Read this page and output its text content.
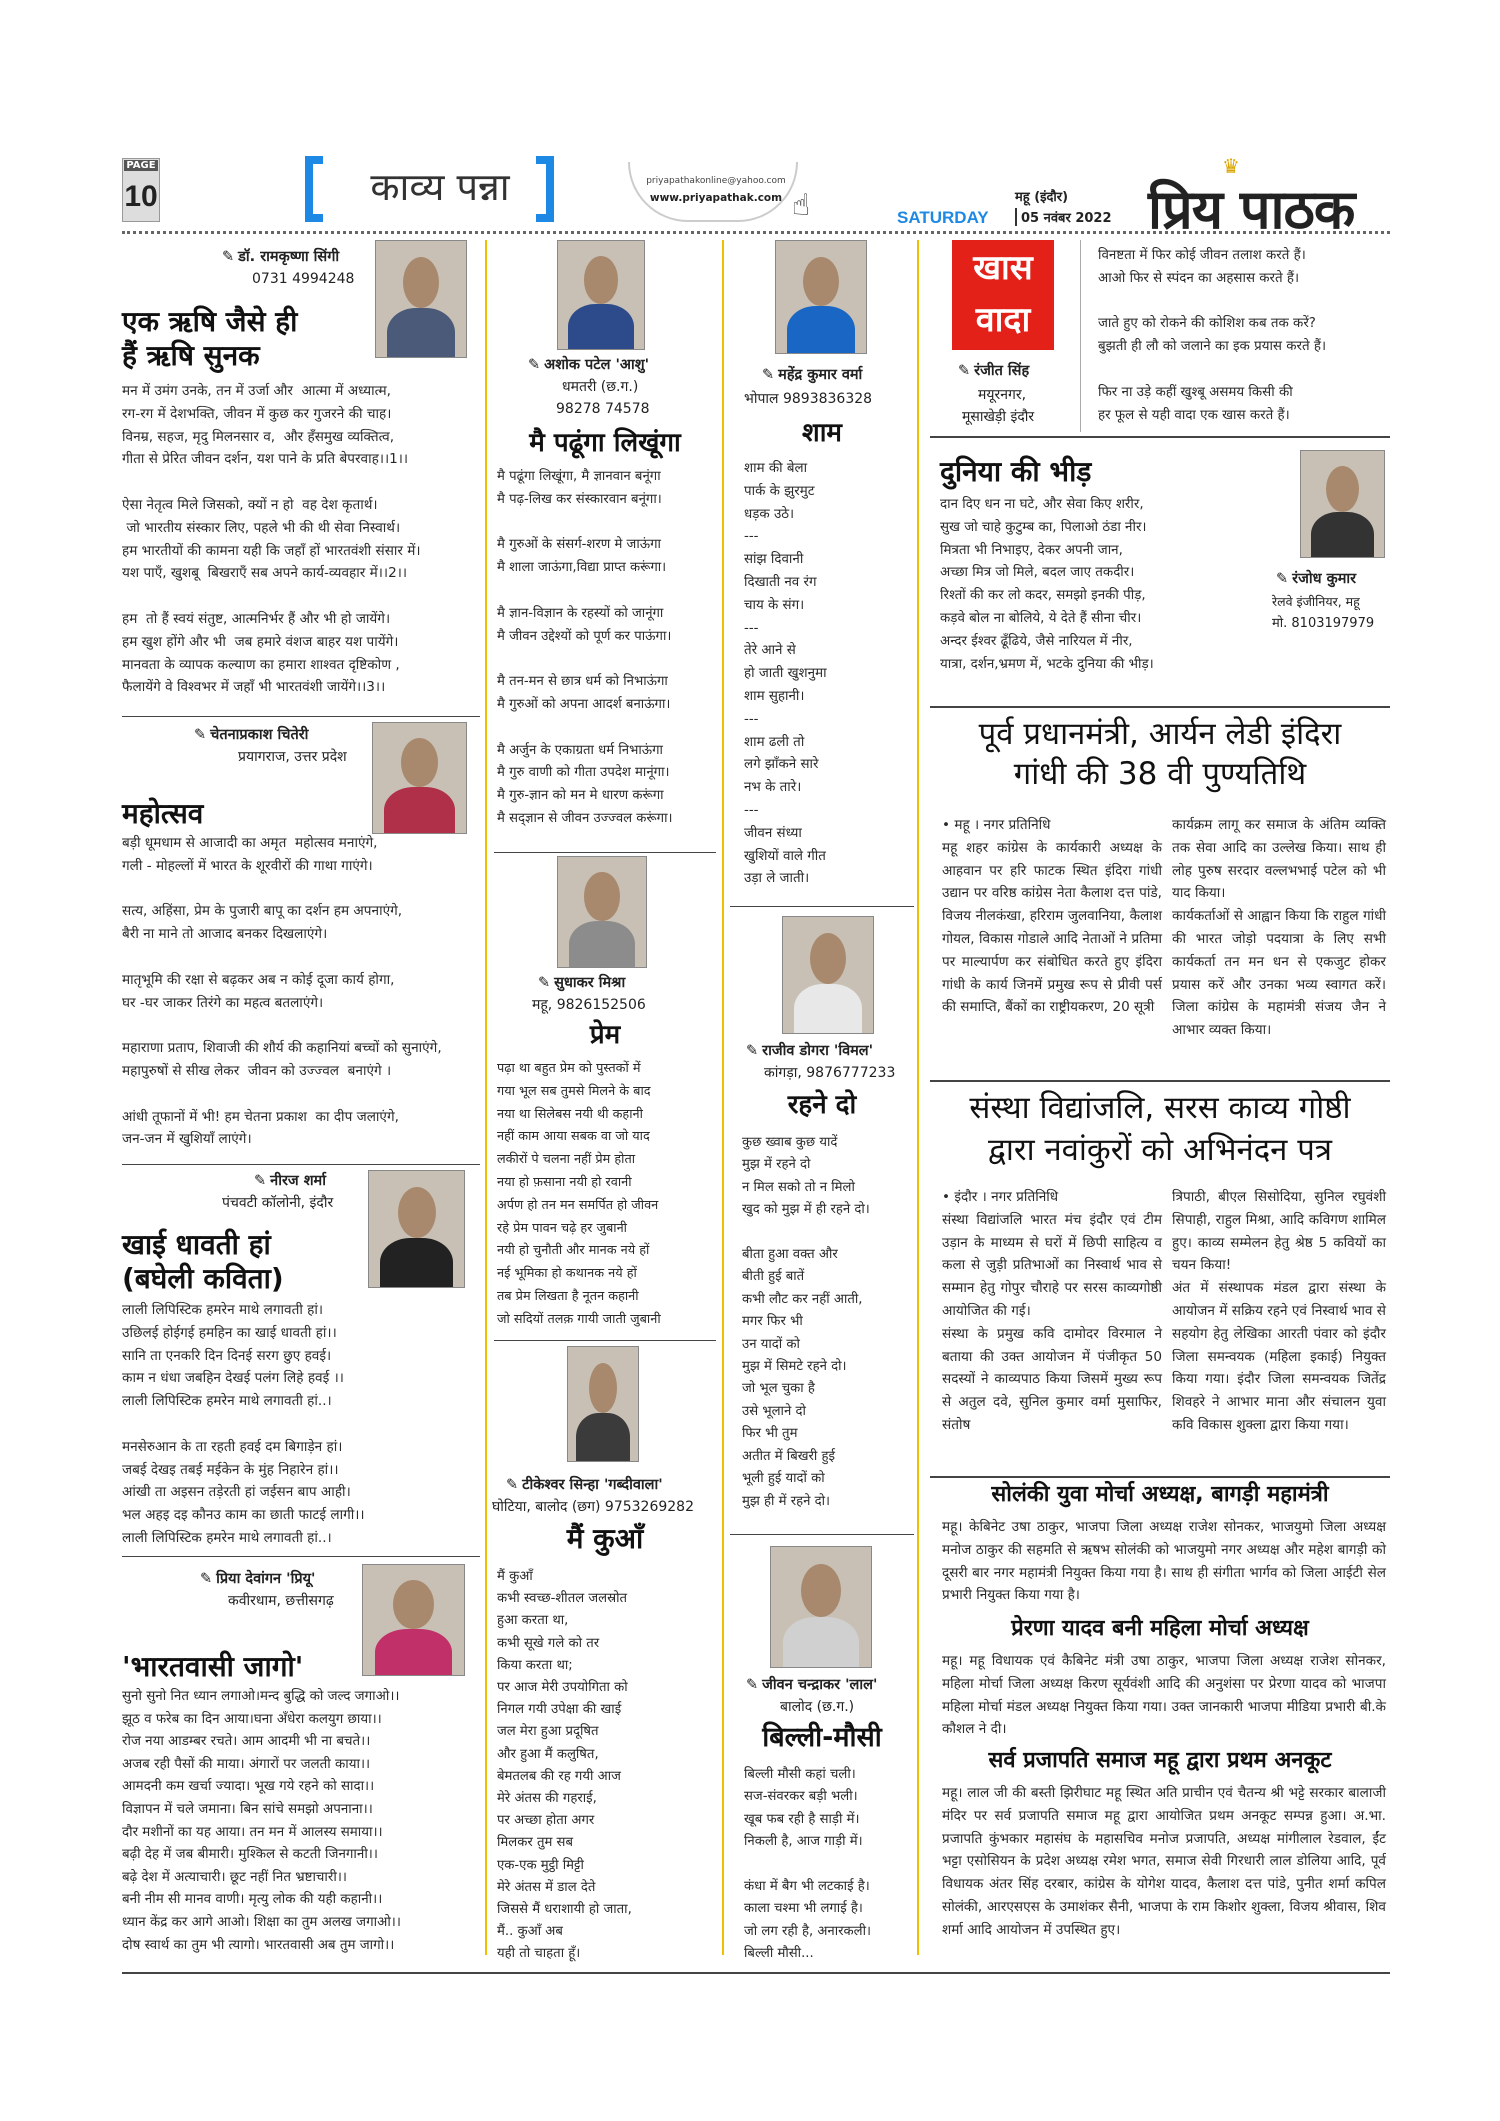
PAGE
10	काव्य पन्ना	priyapathakonline@yahoo.com
www.priyapathak.com ☝	SATURDAY
महू (इंदौर)
05 नवंबर 2022 प्रिय पाठक
♛
✎ डॉ. रामकृष्णा सिंगी
0731 4994248
एक ऋषि जैसे ही
हैं ऋषि सुनक
मन में उमंग उनके, तन में उर्जा और  आत्मा में अध्यात्म,
रग-रग में देशभक्ति, जीवन में कुछ कर गुजरने की चाह।
विनम्र, सहज, मृदु मिलनसार व,  और हँसमुख व्यक्तित्व,
गीता से प्रेरित जीवन दर्शन, यश पाने के प्रति बेपरवाह।।1।।

ऐसा नेतृत्व मिले जिसको, क्यों न हो  वह देश कृतार्थ।
जो भारतीय संस्कार लिए, पहले भी की थी सेवा निस्वार्थ।
हम भारतीयों की कामना यही कि जहाँ हों भारतवंशी संसार में।
यश पाएँ, खुशबू  बिखराएँ सब अपने कार्य-व्यवहार में।।2।।

हम  तो हैं स्वयं संतुष्ट, आत्मनिर्भर हैं और भी हो जायेंगे।
हम खुश होंगे और भी  जब हमारे वंशज बाहर यश पायेंगे।
मानवता के व्यापक कल्याण का हमारा शाश्वत दृष्टिकोण ,
फैलायेंगे वे विश्वभर में जहाँ भी भारतवंशी जायेंगे।।3।।
✎ चेतनाप्रकाश चितेरी
प्रयागराज, उत्तर प्रदेश
महोत्सव
बड़ी धूमधाम से आजादी का अमृत  महोत्सव मनाएंगे,
गली - मोहल्लों में भारत के शूरवीरों की गाथा गाएंगे।

सत्य, अहिंसा, प्रेम के पुजारी बापू का दर्शन हम अपनाएंगे,
बैरी ना माने तो आजाद बनकर दिखलाएंगे।

मातृभूमि की रक्षा से बढ़कर अब न कोई दूजा कार्य होगा,
घर -घर जाकर तिरंगे का महत्व बतलाएंगे।

महाराणा प्रताप, शिवाजी की शौर्य की कहानियां बच्चों को सुनाएंगे,
महापुरुषों से सीख लेकर  जीवन को उज्ज्वल  बनाएंगे ।

आंधी तूफानों में भी! हम चेतना प्रकाश  का दीप जलाएंगे,
जन-जन में खुशियाँ लाएंगे।
✎ नीरज शर्मा
पंचवटी कॉलोनी, इंदौर
खाई धावती हां
(बघेली कविता)
लाली लिपिस्टिक हमरेन माथे लगावती हां।
उछिलई होईगई हमहिन का खाई धावती हां।।
सानि ता एनकरि दिन दिनई सरग छुए हवई।
काम न धंधा जबहिन देखई पलंग लिहे हवई ।।
लाली लिपिस्टिक हमरेन माथे लगावती हां..।

मनसेरुआन के ता रहती हवई दम बिगाड़ेन हां।
जबई देखइ तबई मईकेन के मुंह निहारेन हां।।
आंखी ता अइसन तड़ेरती हां जईसन बाप आही।
भल अहइ दइ कौनउ काम का छाती फाटई लागी।।
लाली लिपिस्टिक हमरेन माथे लगावती हां..।
✎ प्रिया देवांगन 'प्रियू'
कवीरधाम, छत्तीसगढ़
'भारतवासी जागो'
सुनो सुनो नित ध्यान लगाओ।मन्द बुद्धि को जल्द जगाओ।।
झूठ व फरेब का दिन आया।घना अँधेरा कलयुग छाया।।
रोज नया आडम्बर रचते। आम आदमी भी ना बचते।।
अजब रही पैसों की माया। अंगारों पर जलती काया।।
आमदनी कम खर्चा ज्यादा। भूख गये रहने को सादा।।
विज्ञापन में चले जमाना। बिन सांचे समझो अपनाना।।
दौर मशीनों का यह आया। तन मन में आलस्य समाया।।
बढ़ी देह में जब बीमारी। मुश्किल से कटती जिनगानी।।
बढ़े देश में अत्याचारी। छूट नहीं नित भ्रष्टाचारी।।
बनी नीम सी मानव वाणी। मृत्यु लोक की यही कहानी।।
ध्यान केंद्र कर आगे आओ। शिक्षा का तुम अलख जगाओ।।
दोष स्वार्थ का तुम भी त्यागो। भारतवासी अब तुम जागो।।
✎ अशोक पटेल 'आशु'
धमतरी (छ.ग.)
98278 74578
मै पढूंगा लिखूंगा
मै पढूंगा लिखूंगा, मै ज्ञानवान बनूंगा
मै पढ़-लिख कर संस्कारवान बनूंगा।

मै गुरुओं के संसर्ग-शरण मे जाऊंगा
मै शाला जाऊंगा,विद्या प्राप्त करूंगा।

मै ज्ञान-विज्ञान के रहस्यों को जानूंगा
मै जीवन उद्देश्यों को पूर्ण कर पाऊंगा।

मै तन-मन से छात्र धर्म को निभाऊंगा
मै गुरुओं को अपना आदर्श बनाऊंगा।

मै अर्जुन के एकाग्रता धर्म निभाऊंगा
मै गुरु वाणी को गीता उपदेश मानूंगा।
मै गुरु-ज्ञान को मन मे धारण करूंगा
मै सद्ज्ञान से जीवन उज्ज्वल करूंगा।
✎ सुधाकर मिश्रा
महू, 9826152506
प्रेम
पढ़ा था बहुत प्रेम को पुस्तकों में
गया भूल सब तुमसे मिलने के बाद
नया था सिलेबस नयी थी कहानी
नहीं काम आया सबक वा जो याद
लकीरों पे चलना नहीं प्रेम होता
नया हो फ़साना नयी हो रवानी
अर्पण हो तन मन समर्पित हो जीवन
रहे प्रेम पावन चढ़े हर जुबानी
नयी हो चुनौती और मानक नये हों
नई भूमिका हो कथानक नये हों
तब प्रेम लिखता है नूतन कहानी
जो सदियों तलक़ गायी जाती जुबानी
✎ टीकेश्वर सिन्हा 'गब्दीवाला'
घोटिया, बालोद (छग) 9753269282
मैं कुआँ
मैं कुआँ
कभी स्वच्छ-शीतल जलस्रोत
हुआ करता था,
कभी सूखे गले को तर
किया करता था;
पर आज मेरी उपयोगिता को
निगल गयी उपेक्षा की खाई
जल मेरा हुआ प्रदूषित
और हुआ मैं कलुषित,
बेमतलब की रह गयी आज
मेरे अंतस की गहराई,
पर अच्छा होता अगर
मिलकर तुम सब
एक-एक मुट्ठी मिट्टी
मेरे अंतस में डाल देते
जिससे मैं धराशायी हो जाता,
मैं.. कुआँ अब
यही तो चाहता हूँ।
✎ महेंद्र कुमार वर्मा
भोपाल 9893836328
शाम
शाम की बेला
पार्क के झुरमुट
धड़क उठे।
---
सांझ दिवानी
दिखाती नव रंग
चाय के संग।
---
तेरे आने से
हो जाती खुशनुमा
शाम सुहानी।
---
शाम ढली तो
लगे झाँकने सारे
नभ के तारे।
---
जीवन संध्या
खुशियों वाले गीत
उड़ा ले जाती।
✎ राजीव डोगरा 'विमल'
कांगड़ा, 9876777233
रहने दो
कुछ ख्वाब कुछ यादें
मुझ में रहने दो
न मिल सको तो न मिलो
खुद को मुझ में ही रहने दो।

बीता हुआ वक्त और
बीती हुई बातें
कभी लौट कर नहीं आती,
मगर फिर भी
उन यादों को
मुझ में सिमटे रहने दो।
जो भूल चुका है
उसे भूलाने दो
फिर भी तुम
अतीत में बिखरी हुई
भूली हुई यादों को
मुझ ही में रहने दो।
✎ जीवन चन्द्राकर 'लाल'
बालोद (छ.ग.)
बिल्ली-मौसी
बिल्ली मौसी कहां चली।
सज-संवरकर बड़ी भली।
खूब फब रही है साड़ी में।
निकली है, आज गाड़ी में।

कंधा में बैग भी लटकाई है।
काला चश्मा भी लगाई है।
जो लग रही है, अनारकली।
बिल्ली मौसी...
खास
वादा
✎ रंजीत सिंह
मयूरनगर,
मूसाखेड़ी इंदौर
विनष्टता में फिर कोई जीवन तलाश करते हैं।
आओ फिर से स्पंदन का अहसास करते हैं।

जाते हुए को रोकने की कोशिश कब तक करें?
बुझती ही लौ को जलाने का इक प्रयास करते हैं।

फिर ना उड़े कहीं खुश्बू असमय किसी की
हर फूल से यही वादा एक खास करते हैं।
दुनिया की भीड़
✎ रंजोध कुमार
रेलवे इंजीनियर, महू
मो. 8103197979
दान दिए धन ना घटे, और सेवा किए शरीर,
सुख जो चाहे कुटुम्ब का, पिलाओ ठंडा नीर।
मित्रता भी निभाइए, देकर अपनी जान,
अच्छा मित्र जो मिले, बदल जाए तकदीर।
रिश्तों की कर लो कदर, समझो इनकी पीड़,
कड़वे बोल ना बोलिये, ये देते हैं सीना चीर।
अन्दर ईश्वर ढूँढिये, जैसे नारियल में नीर,
यात्रा, दर्शन,भ्रमण में, भटके दुनिया की भीड़।
पूर्व प्रधानमंत्री, आर्यन लेडी इंदिरा
गांधी की 38 वी पुण्यतिथि
• महू । नगर प्रतिनिधि
महू शहर कांग्रेस के कार्यकारी अध्यक्ष के आहवान पर हरि फाटक स्थित इंदिरा गांधी उद्यान पर वरिष्ठ कांग्रेस नेता कैलाश दत्त पांडे, विजय नीलकंखा, हरिराम जुलवानिया, कैलाश गोयल, विकास गोडाले आदि नेताओं ने प्रतिमा पर माल्यार्पण कर संबोधित करते हुए इंदिरा गांधी के कार्य जिनमें प्रमुख रूप से प्रीवी पर्स की समाप्ति, बैंकों का राष्ट्रीयकरण, 20 सूत्री
कार्यक्रम लागू कर समाज के अंतिम व्यक्ति तक सेवा आदि का उल्लेख किया। साथ ही लोह पुरुष सरदार वल्लभभाई पटेल को भी याद किया।
कार्यकर्ताओं से आह्वान किया कि राहुल गांधी की भारत जोड़ो पदयात्रा के लिए सभी कार्यकर्ता तन मन धन से एकजुट होकर प्रयास करें और उनका भव्य स्वागत करें। जिला कांग्रेस के महामंत्री संजय जैन ने आभार व्यक्त किया।
संस्था विद्यांजलि, सरस काव्य गोष्ठी
द्वारा नवांकुरों को अभिनंदन पत्र
• इंदौर । नगर प्रतिनिधि
संस्था विद्यांजलि भारत मंच इंदौर एवं टीम उड़ान के माध्यम से घरों में छिपी साहित्य व कला से जुड़ी प्रतिभाओं का निस्वार्थ भाव से सम्मान हेतु गोपुर चौराहे पर सरस काव्यगोष्ठी आयोजित की गई।
संस्था के प्रमुख कवि दामोदर विरमाल ने बताया की उक्त आयोजन में पंजीकृत 50 सदस्यों ने काव्यपाठ किया जिसमें मुख्य रूप से अतुल दवे, सुनिल कुमार वर्मा मुसाफिर, संतोष
त्रिपाठी, बीएल सिसोदिया, सुनिल रघुवंशी सिपाही, राहुल मिश्रा, आदि कविगण शामिल हुए। काव्य सम्मेलन हेतु श्रेष्ठ 5 कवियों का चयन किया!
अंत में संस्थापक मंडल द्वारा संस्था के आयोजन में सक्रिय रहने एवं निस्वार्थ भाव से सहयोग हेतु लेखिका आरती पंवार को इंदौर जिला समन्वयक (महिला इकाई) नियुक्त किया गया। इंदौर जिला समन्वयक जितेंद्र शिवहरे ने आभार माना और संचालन युवा कवि विकास शुक्ला द्वारा किया गया।
सोलंकी युवा मोर्चा अध्यक्ष, बागड़ी महामंत्री
महू। केबिनेट उषा ठाकुर, भाजपा जिला अध्यक्ष राजेश सोनकर, भाजयुमो जिला अध्यक्ष मनोज ठाकुर की सहमति से ऋषभ सोलंकी को भाजयुमो नगर अध्यक्ष और महेश बागड़ी को दूसरी बार नगर महामंत्री नियुक्त किया गया है। साथ ही संगीता भार्गव को जिला आईटी सेल प्रभारी नियुक्त किया गया है।
प्रेरणा यादव बनी महिला मोर्चा अध्यक्ष
महू। महू विधायक एवं कैबिनेट मंत्री उषा ठाकुर, भाजपा जिला अध्यक्ष राजेश सोनकर, महिला मोर्चा जिला अध्यक्ष किरण सूर्यवंशी आदि की अनुशंसा पर प्रेरणा यादव को भाजपा महिला मोर्चा मंडल अध्यक्ष नियुक्त किया गया। उक्त जानकारी भाजपा मीडिया प्रभारी बी.के कौशल ने दी।
सर्व प्रजापति समाज महू द्वारा प्रथम अनकूट
महू। लाल जी की बस्ती झिरीघाट महू स्थित अति प्राचीन एवं चैतन्य श्री भट्टे सरकार बालाजी मंदिर पर सर्व प्रजापति समाज महू द्वारा आयोजित प्रथम अनकूट सम्पन्न हुआ। अ.भा. प्रजापति कुंभकार महासंघ के महासचिव मनोज प्रजापति, अध्यक्ष मांगीलाल रेडवाल, ईंट भट्टा एसोसियन के प्रदेश अध्यक्ष रमेश भगत, समाज सेवी गिरधारी लाल डोलिया आदि, पूर्व विधायक अंतर सिंह दरबार, कांग्रेस के योगेश यादव, कैलाश दत्त पांडे, पुनीत शर्मा कपिल सोलंकी, आरएसएस के उमाशंकर सैनी, भाजपा के राम किशोर शुक्ला, विजय श्रीवास, शिव शर्मा आदि आयोजन में उपस्थित हुए।
